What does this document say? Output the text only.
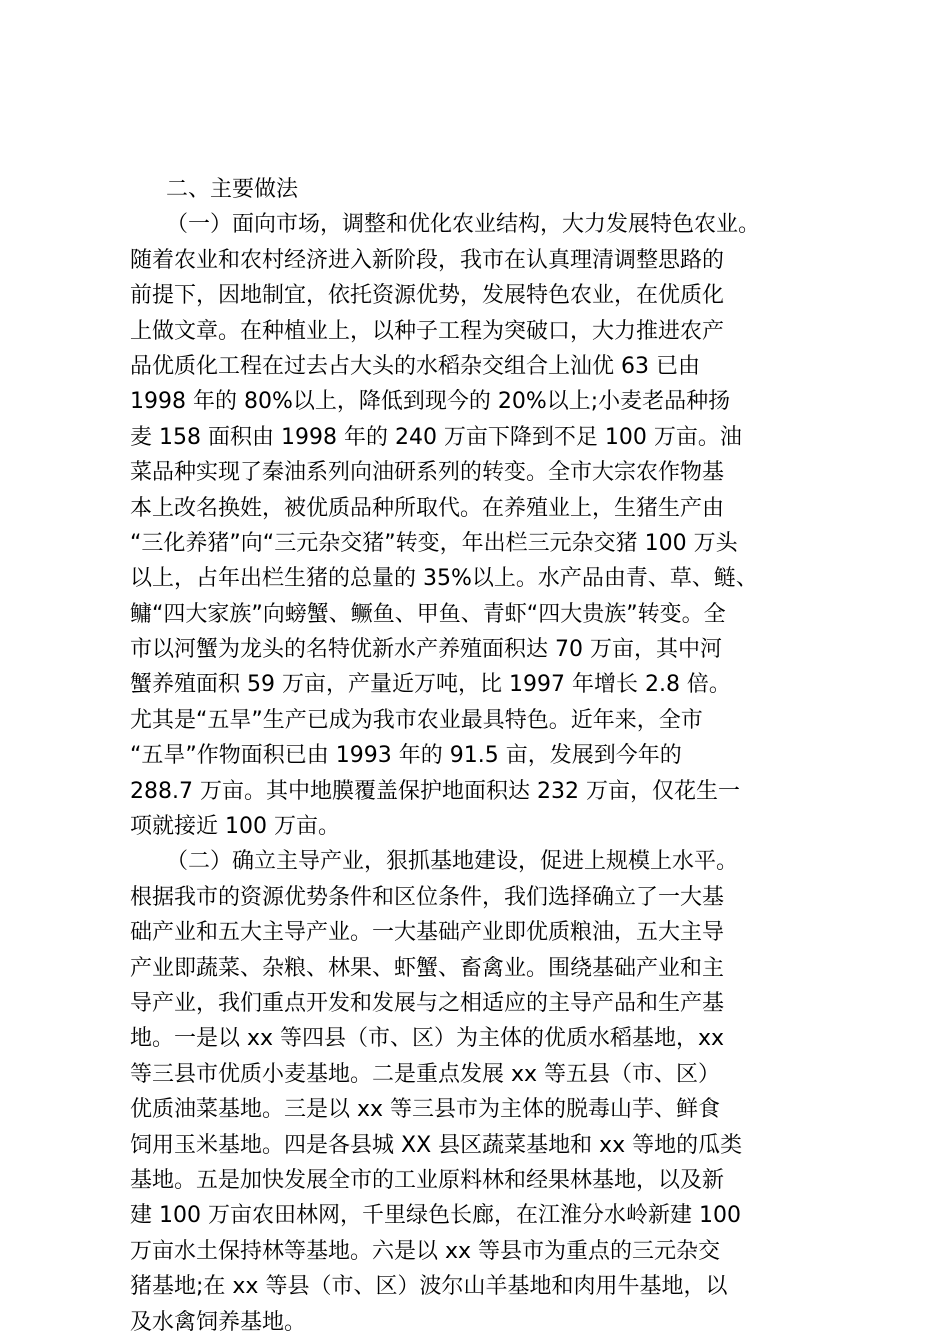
二、主要做法
（一）面向市场，调整和优化农业结构，大力发展特色农业。
随着农业和农村经济进入新阶段，我市在认真理清调整思路的
前提下，因地制宜，依托资源优势，发展特色农业，在优质化
上做文章。在种植业上，以种子工程为突破口，大力推进农产
品优质化工程在过去占大头的水稻杂交组合上汕优 63 已由
1998 年的 80%以上，降低到现今的 20%以上;小麦老品种扬
麦 158 面积由 1998 年的 240 万亩下降到不足 100 万亩。油
菜品种实现了秦油系列向油研系列的转变。全市大宗农作物基
本上改名换姓，被优质品种所取代。在养殖业上，生猪生产由
“三化养猪”向“三元杂交猪”转变，年出栏三元杂交猪 100 万头
以上，占年出栏生猪的总量的 35%以上。水产品由青、草、鲢、
鳙“四大家族”向螃蟹、鳜鱼、甲鱼、青虾“四大贵族”转变。全
市以河蟹为龙头的名特优新水产养殖面积达 70 万亩，其中河
蟹养殖面积 59 万亩，产量近万吨，比 1997 年增长 2.8 倍。
尤其是“五旱”生产已成为我市农业最具特色。近年来，全市
“五旱”作物面积已由 1993 年的 91.5 亩，发展到今年的
288.7 万亩。其中地膜覆盖保护地面积达 232 万亩，仅花生一
项就接近 100 万亩。
（二）确立主导产业，狠抓基地建设，促进上规模上水平。
根据我市的资源优势条件和区位条件，我们选择确立了一大基
础产业和五大主导产业。一大基础产业即优质粮油，五大主导
产业即蔬菜、杂粮、林果、虾蟹、畜禽业。围绕基础产业和主
导产业，我们重点开发和发展与之相适应的主导产品和生产基
地。一是以 xx 等四县（市、区）为主体的优质水稻基地，xx
等三县市优质小麦基地。二是重点发展 xx 等五县（市、区）
优质油菜基地。三是以 xx 等三县市为主体的脱毒山芋、鲜食
饲用玉米基地。四是各县城 XX 县区蔬菜基地和 xx 等地的瓜类
基地。五是加快发展全市的工业原料林和经果林基地，以及新
建 100 万亩农田林网，千里绿色长廊，在江淮分水岭新建 100
万亩水土保持林等基地。六是以 xx 等县市为重点的三元杂交
猪基地;在 xx 等县（市、区）波尔山羊基地和肉用牛基地，以
及水禽饲养基地。
